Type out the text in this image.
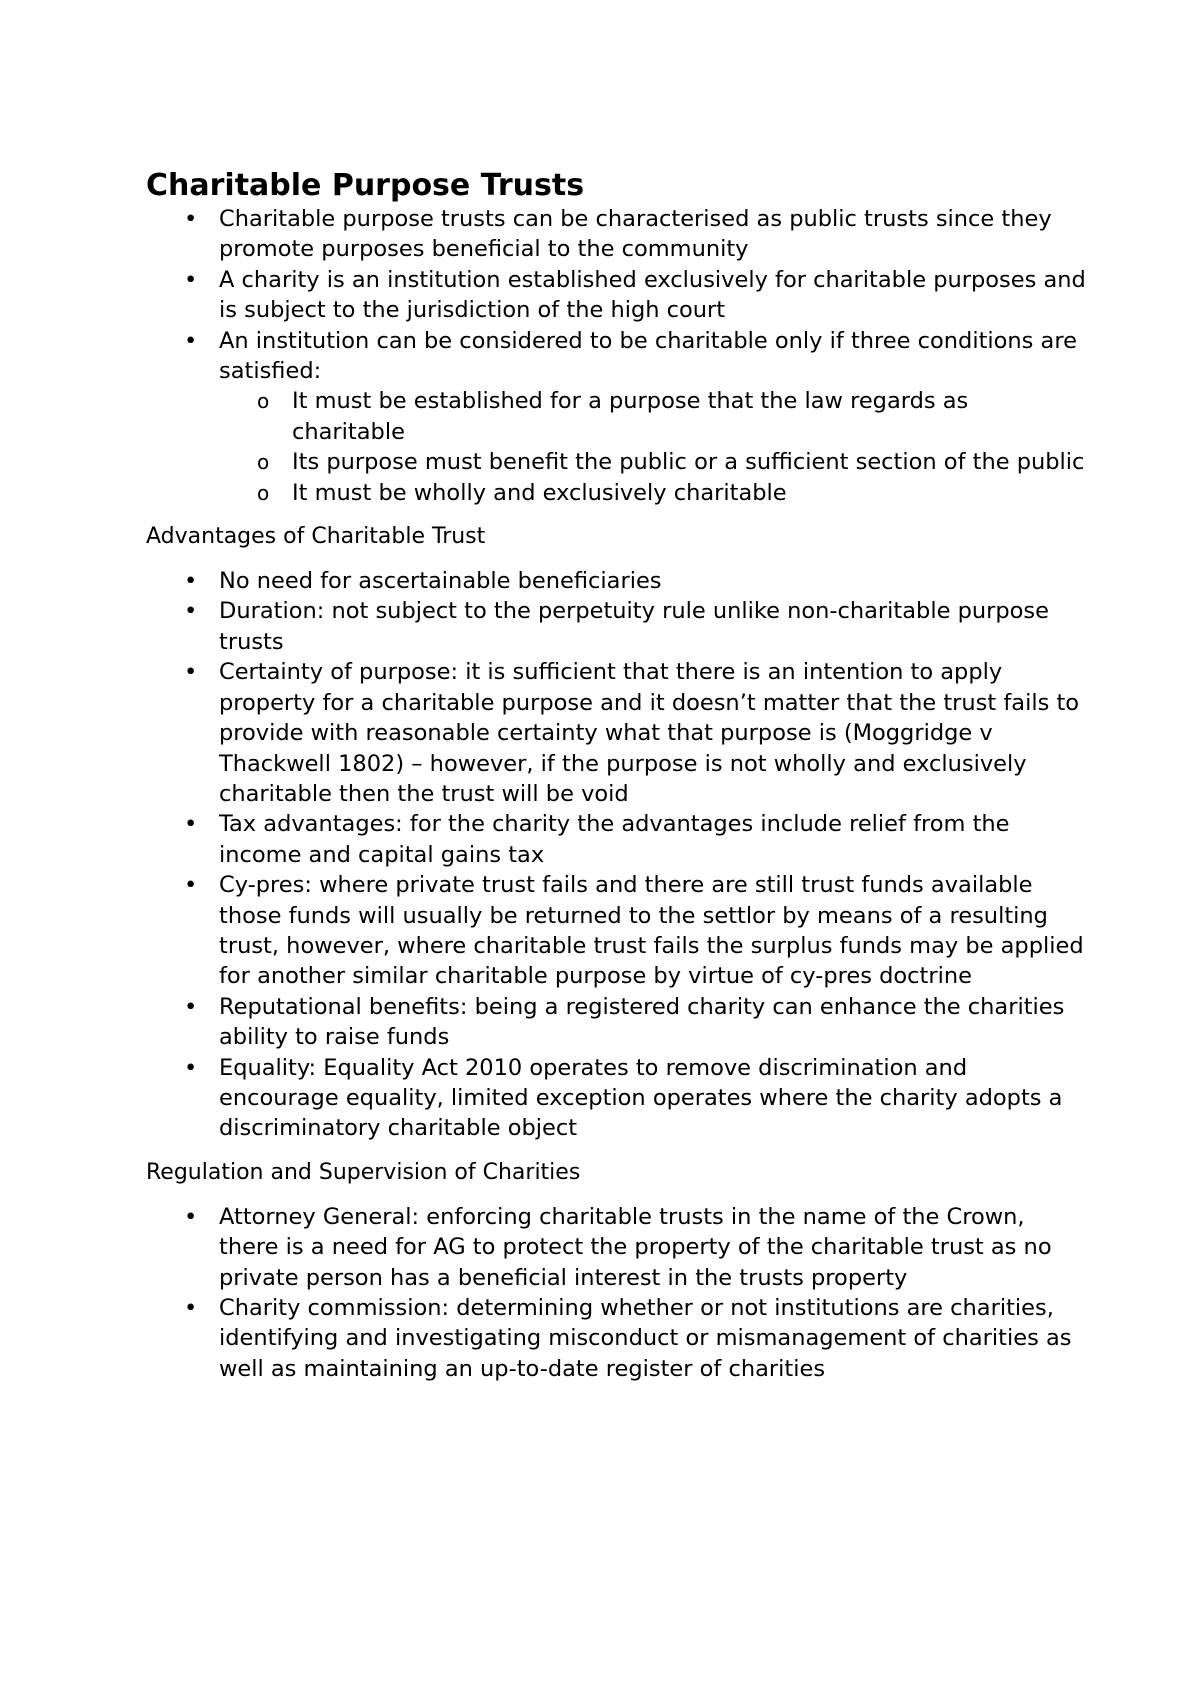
Charitable Purpose Trusts
• Charitable purpose trusts can be characterised as public trusts since they promote purposes beneficial to the community
• A charity is an institution established exclusively for charitable purposes and is subject to the jurisdiction of the high court
• An institution can be considered to be charitable only if three conditions are satisfied:
o It must be established for a purpose that the law regards as charitable
o Its purpose must benefit the public or a sufficient section of the public
o It must be wholly and exclusively charitable
Advantages of Charitable Trust
• No need for ascertainable beneficiaries
• Duration: not subject to the perpetuity rule unlike non-charitable purpose trusts
• Certainty of purpose: it is sufficient that there is an intention to apply property for a charitable purpose and it doesn’t matter that the trust fails to provide with reasonable certainty what that purpose is (Moggridge v Thackwell 1802) – however, if the purpose is not wholly and exclusively charitable then the trust will be void
• Tax advantages: for the charity the advantages include relief from the income and capital gains tax
• Cy-pres: where private trust fails and there are still trust funds available those funds will usually be returned to the settlor by means of a resulting trust, however, where charitable trust fails the surplus funds may be applied for another similar charitable purpose by virtue of cy-pres doctrine
• Reputational benefits: being a registered charity can enhance the charities ability to raise funds
• Equality: Equality Act 2010 operates to remove discrimination and encourage equality, limited exception operates where the charity adopts a discriminatory charitable object
Regulation and Supervision of Charities
• Attorney General: enforcing charitable trusts in the name of the Crown, there is a need for AG to protect the property of the charitable trust as no private person has a beneficial interest in the trusts property
• Charity commission: determining whether or not institutions are charities, identifying and investigating misconduct or mismanagement of charities as well as maintaining an up-to-date register of charities
